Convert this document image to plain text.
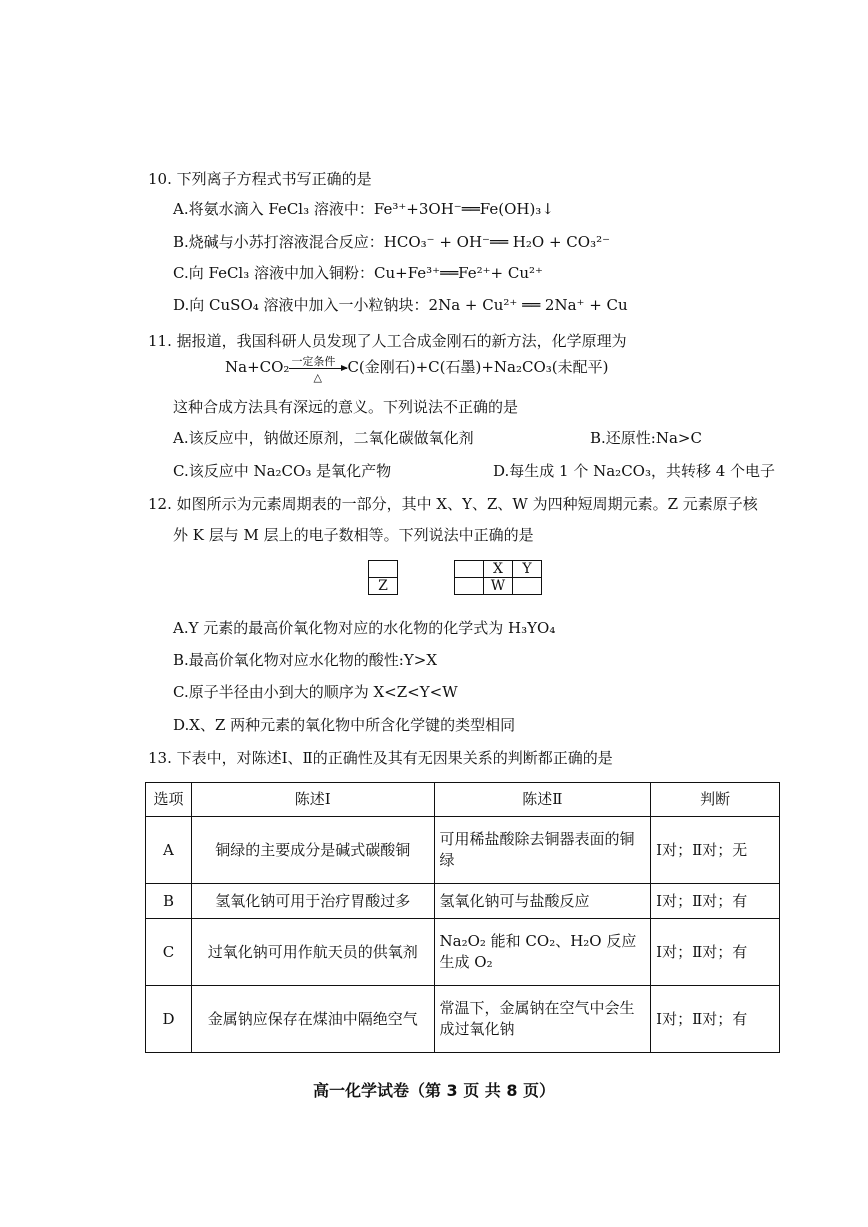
10. 下列离子方程式书写正确的是
A.将氨水滴入 FeCl₃ 溶液中：Fe³⁺+3OH⁻══Fe(OH)₃↓
B.烧碱与小苏打溶液混合反应：HCO₃⁻ + OH⁻══ H₂O + CO₃²⁻
C.向 FeCl₃ 溶液中加入铜粉：Cu+Fe³⁺══Fe²⁺+ Cu²⁺
D.向 CuSO₄ 溶液中加入一小粒钠块：2Na + Cu²⁺ ══ 2Na⁺ + Cu
11. 据报道，我国科研人员发现了人工合成金刚石的新方法，化学原理为
Na+CO₂ 一定条件
△
C(金刚石)+C(石墨)+Na₂CO₃(未配平)
这种合成方法具有深远的意义。下列说法不正确的是
A.该反应中，钠做还原剂，二氧化碳做氧化剂	B.还原性:Na>C
C.该反应中 Na₂CO₃ 是氧化产物	D.每生成 1 个 Na₂CO₃，共转移 4 个电子
12. 如图所示为元素周期表的一部分，其中 X、Y、Z、W 为四种短周期元素。Z 元素原子核
外 K 层与 M 层上的电子数相等。下列说法中正确的是
				X	Y
Z				W	
A.Y 元素的最高价氧化物对应的水化物的化学式为 H₃YO₄
B.最高价氧化物对应水化物的酸性:Y>X
C.原子半径由小到大的顺序为 X<Z<Y<W
D.X、Z 两种元素的氧化物中所含化学键的类型相同
13. 下表中，对陈述Ⅰ、Ⅱ的正确性及其有无因果关系的判断都正确的是
选项	陈述Ⅰ	陈述Ⅱ	判断
A	铜绿的主要成分是碱式碳酸铜	可用稀盐酸除去铜器表面的铜绿	Ⅰ对；Ⅱ对；无
B	氢氧化钠可用于治疗胃酸过多	氢氧化钠可与盐酸反应	Ⅰ对；Ⅱ对；有
C	过氧化钠可用作航天员的供氧剂	Na₂O₂ 能和 CO₂、H₂O 反应生成 O₂	Ⅰ对；Ⅱ对；有
D	金属钠应保存在煤油中隔绝空气	常温下，金属钠在空气中会生成过氧化钠	Ⅰ对；Ⅱ对；有
高一化学试卷（第 3 页 共 8 页）
